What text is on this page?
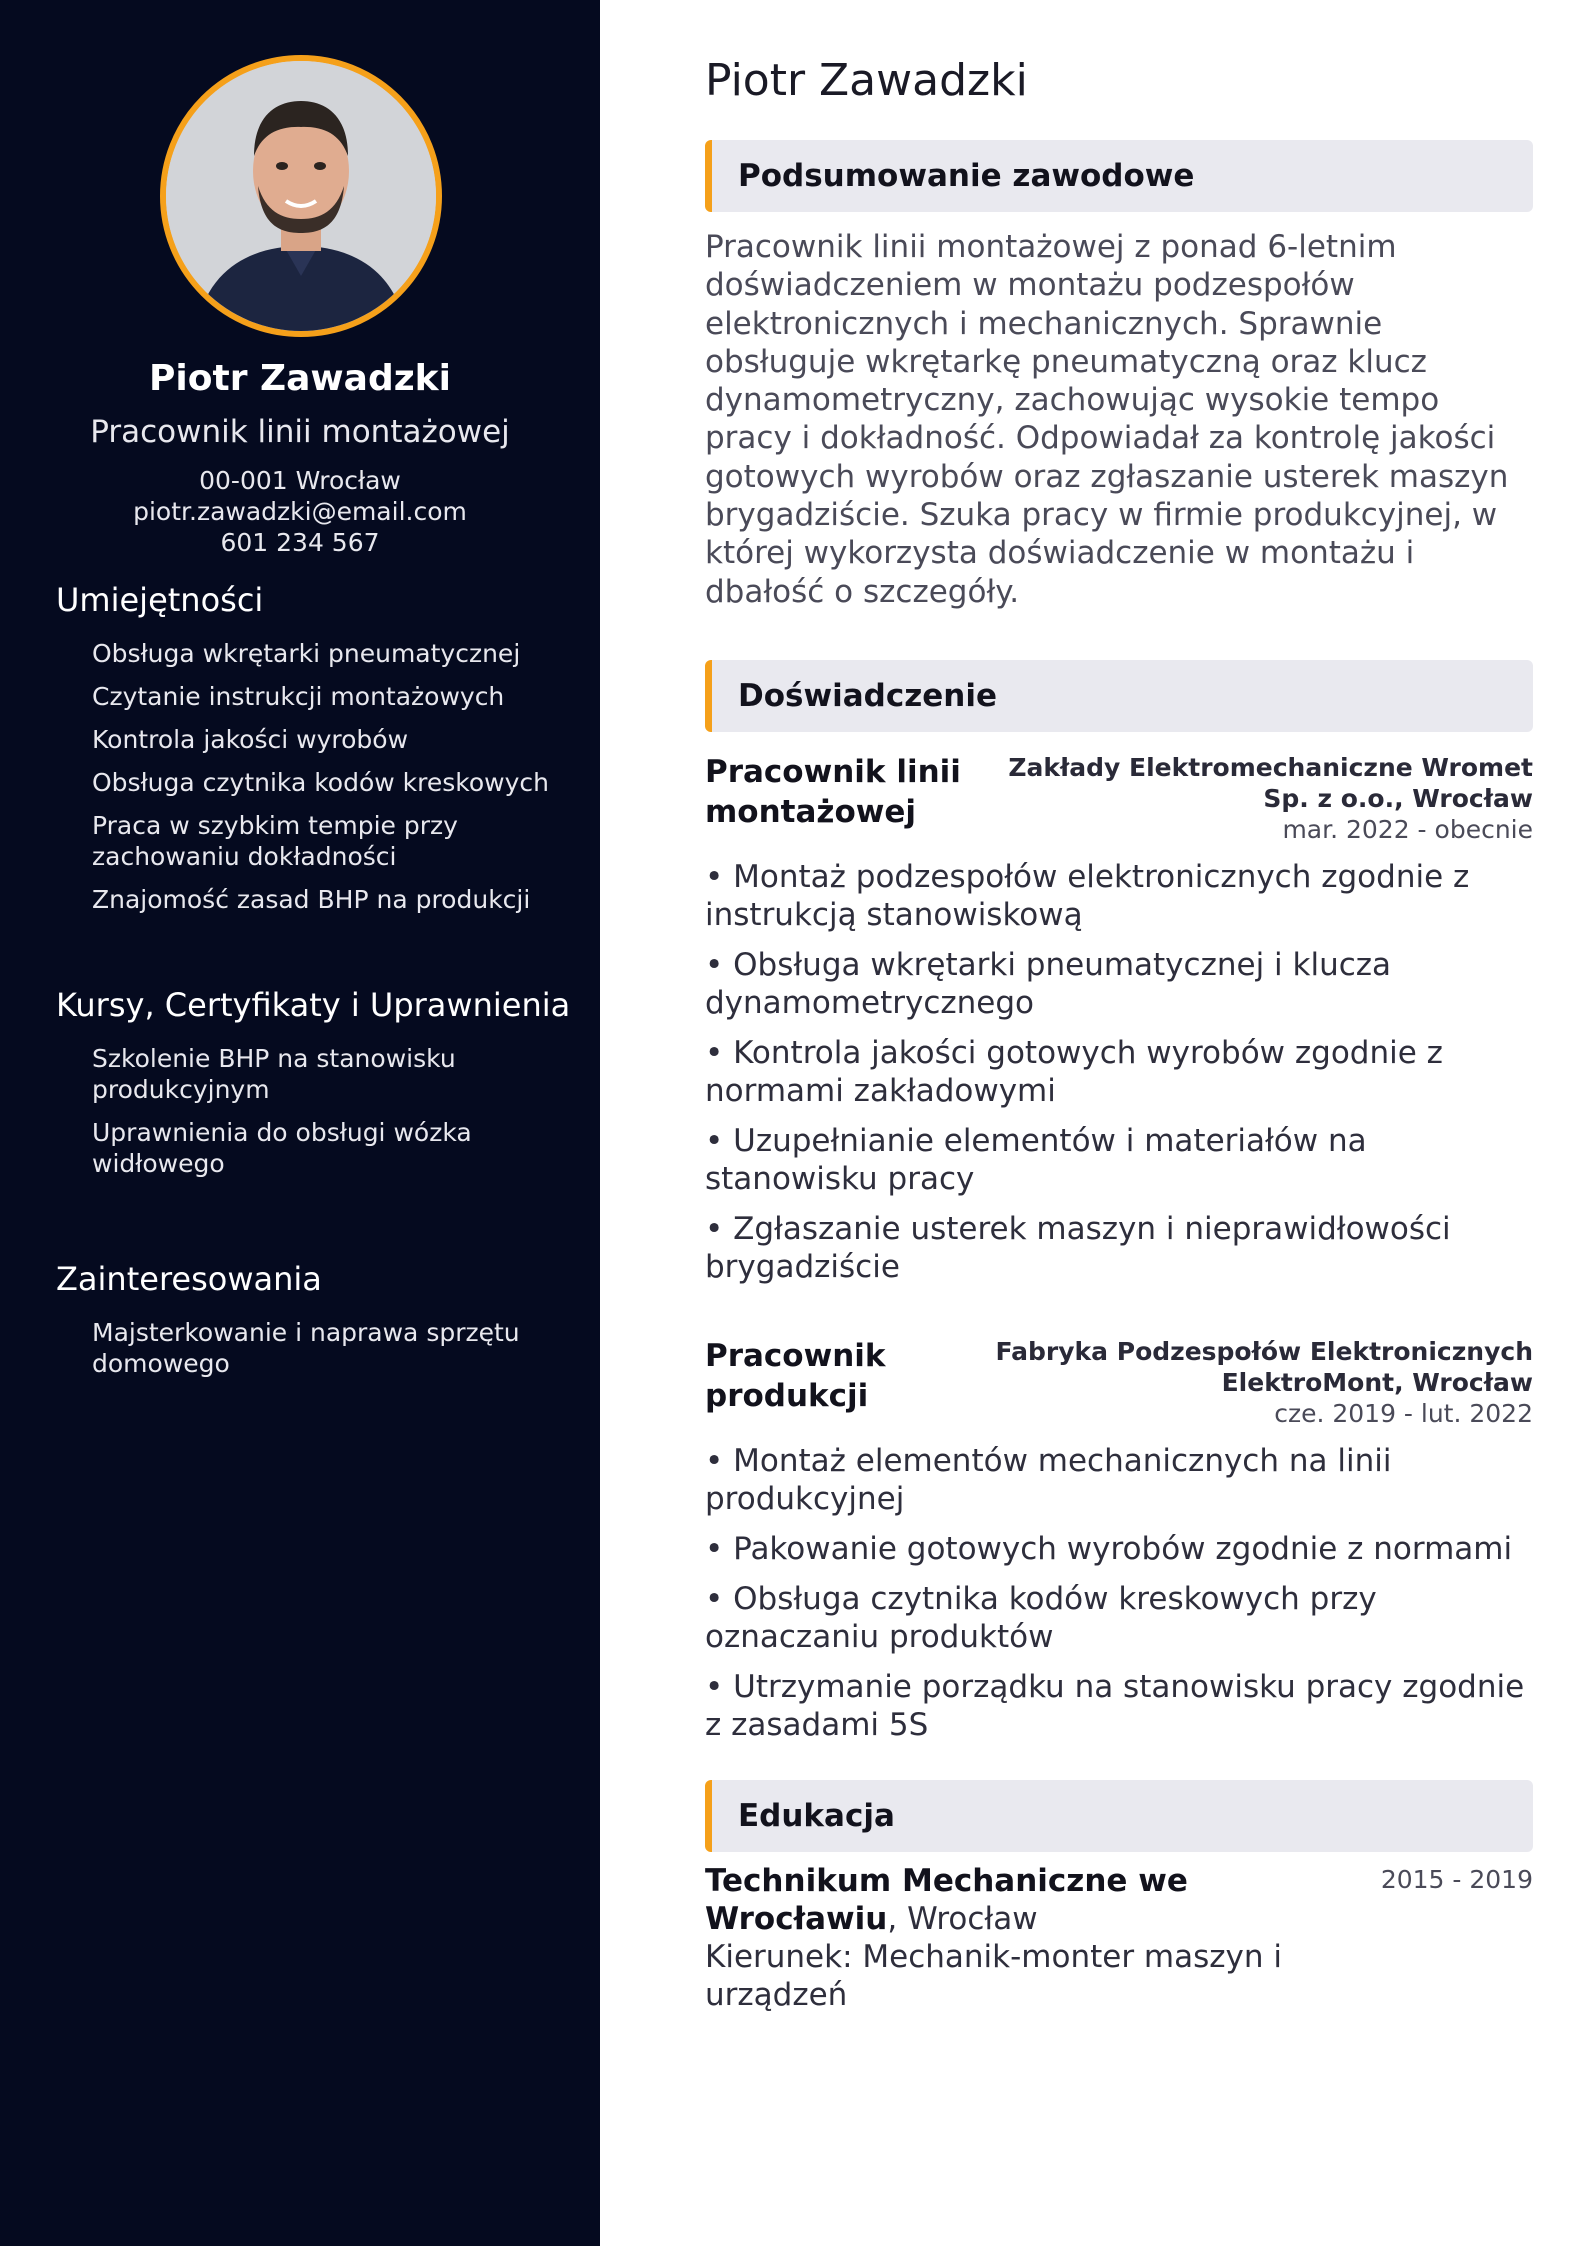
Piotr Zawadzki
Pracownik linii montażowej
00-001 Wrocław
piotr.zawadzki@email.com
601 234 567
Umiejętności
Obsługa wkrętarki pneumatycznej
Czytanie instrukcji montażowych
Kontrola jakości wyrobów
Obsługa czytnika kodów kreskowych
Praca w szybkim tempie przy zachowaniu dokładności
Znajomość zasad BHP na produkcji
Kursy, Certyfikaty i Uprawnienia
Szkolenie BHP na stanowisku produkcyjnym
Uprawnienia do obsługi wózka widłowego
Zainteresowania
Majsterkowanie i naprawa sprzętu domowego
Piotr Zawadzki
Podsumowanie zawodowe
Pracownik linii montażowej z ponad 6-letnim doświadczeniem w montażu podzespołów elektronicznych i mechanicznych. Sprawnie obsługuje wkrętarkę pneumatyczną oraz klucz dynamometryczny, zachowując wysokie tempo pracy i dokładność. Odpowiadał za kontrolę jakości gotowych wyrobów oraz zgłaszanie usterek maszyn brygadziście. Szuka pracy w firmie produkcyjnej, w której wykorzysta doświadczenie w montażu i dbałość o szczegóły.
Doświadczenie
Pracownik linii montażowej
Zakłady Elektromechaniczne Wromet Sp. z o.o., Wrocław
mar. 2022 - obecnie
• Montaż podzespołów elektronicznych zgodnie z instrukcją stanowiskową
• Obsługa wkrętarki pneumatycznej i klucza dynamometrycznego
• Kontrola jakości gotowych wyrobów zgodnie z normami zakładowymi
• Uzupełnianie elementów i materiałów na stanowisku pracy
• Zgłaszanie usterek maszyn i nieprawidłowości brygadziście
Pracownik produkcji
Fabryka Podzespołów Elektronicznych ElektroMont, Wrocław
cze. 2019 - lut. 2022
• Montaż elementów mechanicznych na linii produkcyjnej
• Pakowanie gotowych wyrobów zgodnie z normami
• Obsługa czytnika kodów kreskowych przy oznaczaniu produktów
• Utrzymanie porządku na stanowisku pracy zgodnie z zasadami 5S
Edukacja
Technikum Mechaniczne we Wrocławiu, Wrocław
2015 - 2019
Kierunek: Mechanik-monter maszyn i urządzeń
